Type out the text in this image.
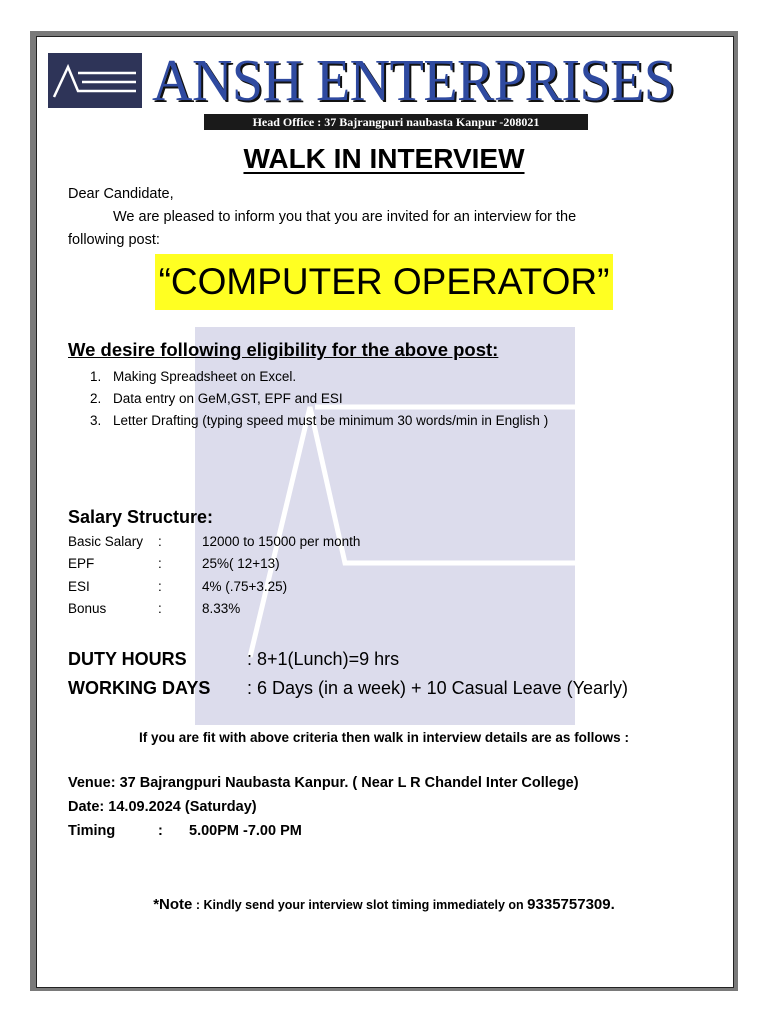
ANSH ENTERPRISES
Head Office : 37 Bajrangpuri naubasta Kanpur -208021
WALK IN INTERVIEW
Dear Candidate,
We are pleased to inform you that you are invited for an interview for the
following post:
“COMPUTER OPERATOR”
We desire following eligibility for the above post:
1. Making Spreadsheet on Excel.
2. Data entry on GeM,GST, EPF and ESI
3. Letter Drafting (typing speed must be minimum 30 words/min in English )
Salary Structure:
Basic Salary :	12000 to 15000 per month
EPF	:	25%( 12+13)
ESI	:	4% (.75+3.25)
Bonus	:	8.33%
DUTY HOURS	: 8+1(Lunch)=9 hrs
WORKING DAYS : 6 Days (in a week) + 10 Casual Leave (Yearly)
If you are fit with above criteria then walk in interview details are as follows :
Venue: 37 Bajrangpuri Naubasta Kanpur. ( Near L R Chandel Inter College)
Date: 14.09.2024 (Saturday)
Timing	: 5.00PM -7.00 PM
*Note : Kindly send your interview slot timing immediately on 9335757309.
